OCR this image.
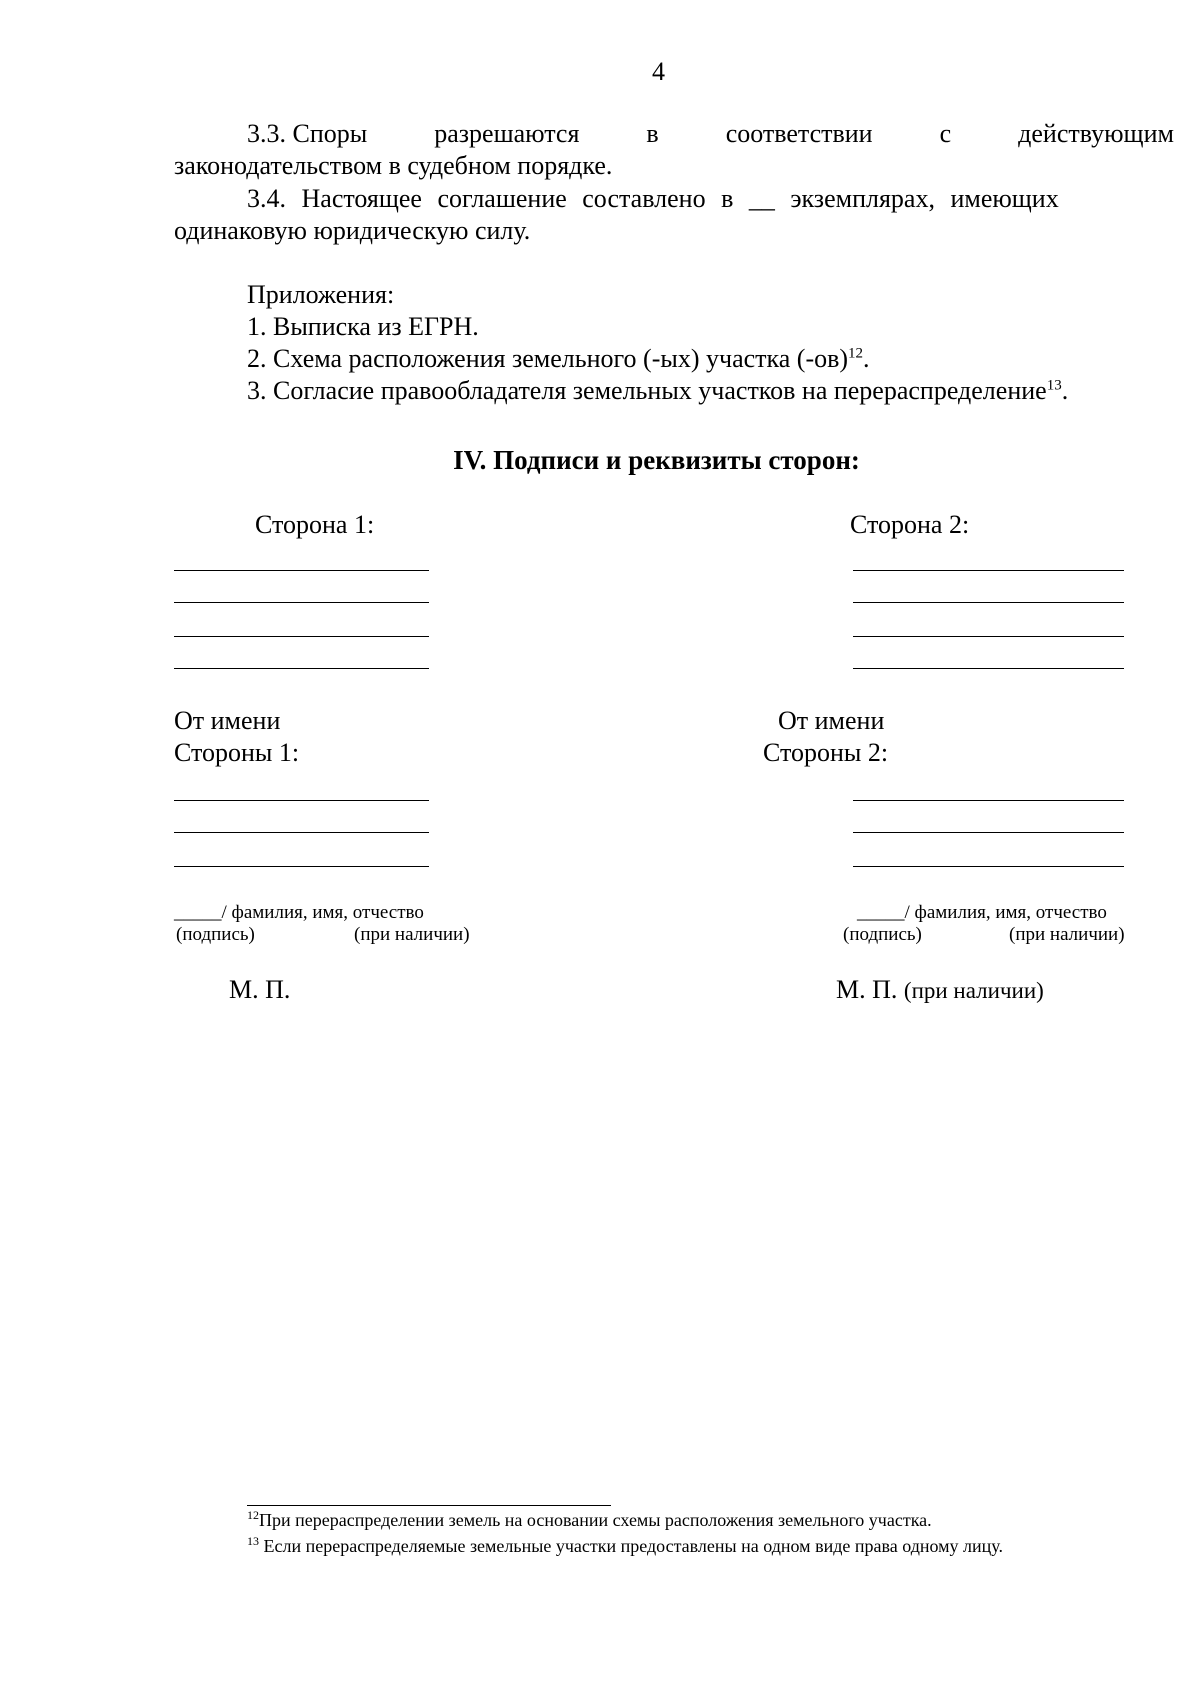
4
3.3. Споры	разрешаются	в	соответствии	с	действующим
законодательством в судебном порядке.
3.4. Настоящее соглашение составлено в __ экземплярах, имеющих
одинаковую юридическую силу.
Приложения:
1. Выписка из ЕГРН.
2. Схема расположения земельного (-ых) участка $(-ов)^{12}$.
3. Согласие правообладателя земельных участков на перераспределение$^{13}$.
IV. Подписи и реквизиты сторон:
Сторона 1:	Сторона 2:
От имени
Стороны 1:
От имени
Стороны 2:
_____/ фамилия, имя, отчество
(подпись)	(при наличии)
_____/ фамилия, имя, отчество
(подпись)	(при наличии)
М. П.	М. П. (при наличии)
$^{12}$При перераспределении земель на основании схемы расположения земельного участка.
$^{13}$ Если перераспределяемые земельные участки предоставлены на одном виде права одному лицу.
